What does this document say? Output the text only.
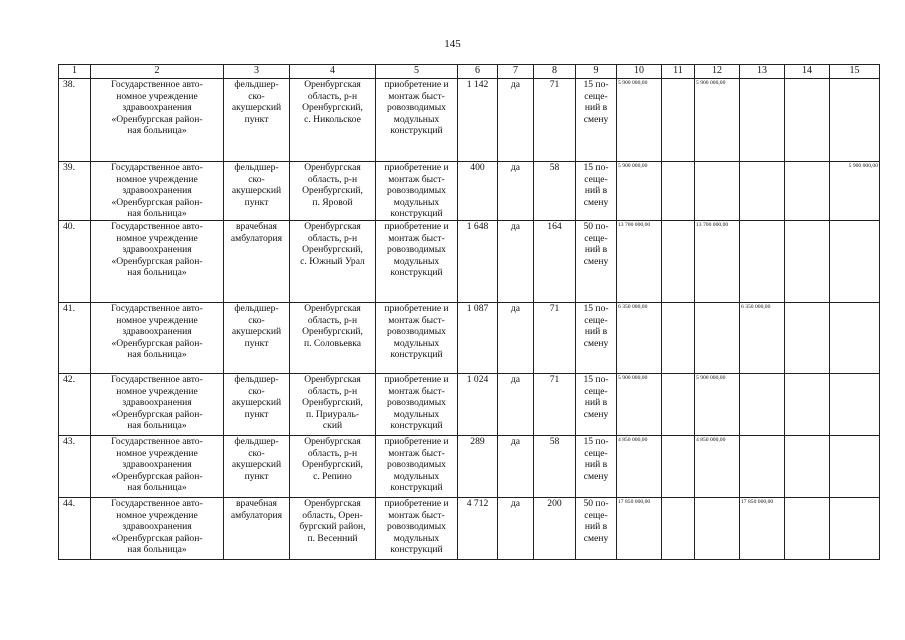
145
1	2	3	4	5	6	7	8	9	10	11	12	13	14	15
38.	Государственное авто-
номное учреждение
здравоохранения
«Оренбургская район-
ная больница»	фельдшер-
ско-
акушерский
пункт	Оренбургская
область, р-н
Оренбургский,
с. Никольское	приобретение и
монтаж быст-
ровозводимых
модульных
конструкций	1 142	да	71	15 по-
сеще-
ний в
смену	5 900 000,00		5 900 000,00			
39.	Государственное авто-
номное учреждение
здравоохранения
«Оренбургская район-
ная больница»	фельдшер-
ско-
акушерский
пункт	Оренбургская
область, р-н
Оренбургский,
п. Яровой	приобретение и
монтаж быст-
ровозводимых
модульных
конструкций	400	да	58	15 по-
сеще-
ний в
смену	5 900 000,00					5 900 000,00
40.	Государственное авто-
номное учреждение
здравоохранения
«Оренбургская район-
ная больница»	врачебная
амбулатория	Оренбургская
область, р-н
Оренбургский,
с. Южный Урал	приобретение и
монтаж быст-
ровозводимых
модульных
конструкций	1 648	да	164	50 по-
сеще-
ний в
смену	13 700 000,00		13 700 000,00			
41.	Государственное авто-
номное учреждение
здравоохранения
«Оренбургская район-
ная больница»	фельдшер-
ско-
акушерский
пункт	Оренбургская
область, р-н
Оренбургский,
п. Соловьевка	приобретение и
монтаж быст-
ровозводимых
модульных
конструкций	1 087	да	71	15 по-
сеще-
ний в
смену	6 350 000,00			6 350 000,00		
42.	Государственное авто-
номное учреждение
здравоохранения
«Оренбургская район-
ная больница»	фельдшер-
ско-
акушерский
пункт	Оренбургская
область, р-н
Оренбургский,
п. Приураль-
ский	приобретение и
монтаж быст-
ровозводимых
модульных
конструкций	1 024	да	71	15 по-
сеще-
ний в
смену	5 900 000,00		5 900 000,00			
43.	Государственное авто-
номное учреждение
здравоохранения
«Оренбургская район-
ная больница»	фельдшер-
ско-
акушерский
пункт	Оренбургская
область, р-н
Оренбургский,
с. Репино	приобретение и
монтаж быст-
ровозводимых
модульных
конструкций	289	да	58	15 по-
сеще-
ний в
смену	4 850 000,00		4 850 000,00			
44.	Государственное авто-
номное учреждение
здравоохранения
«Оренбургская район-
ная больница»	врачебная
амбулатория	Оренбургская
область, Орен-
бургский район,
п. Весенний	приобретение и
монтаж быст-
ровозводимых
модульных
конструкций	4 712	да	200	50 по-
сеще-
ний в
смену	17 850 000,00			17 850 000,00		
